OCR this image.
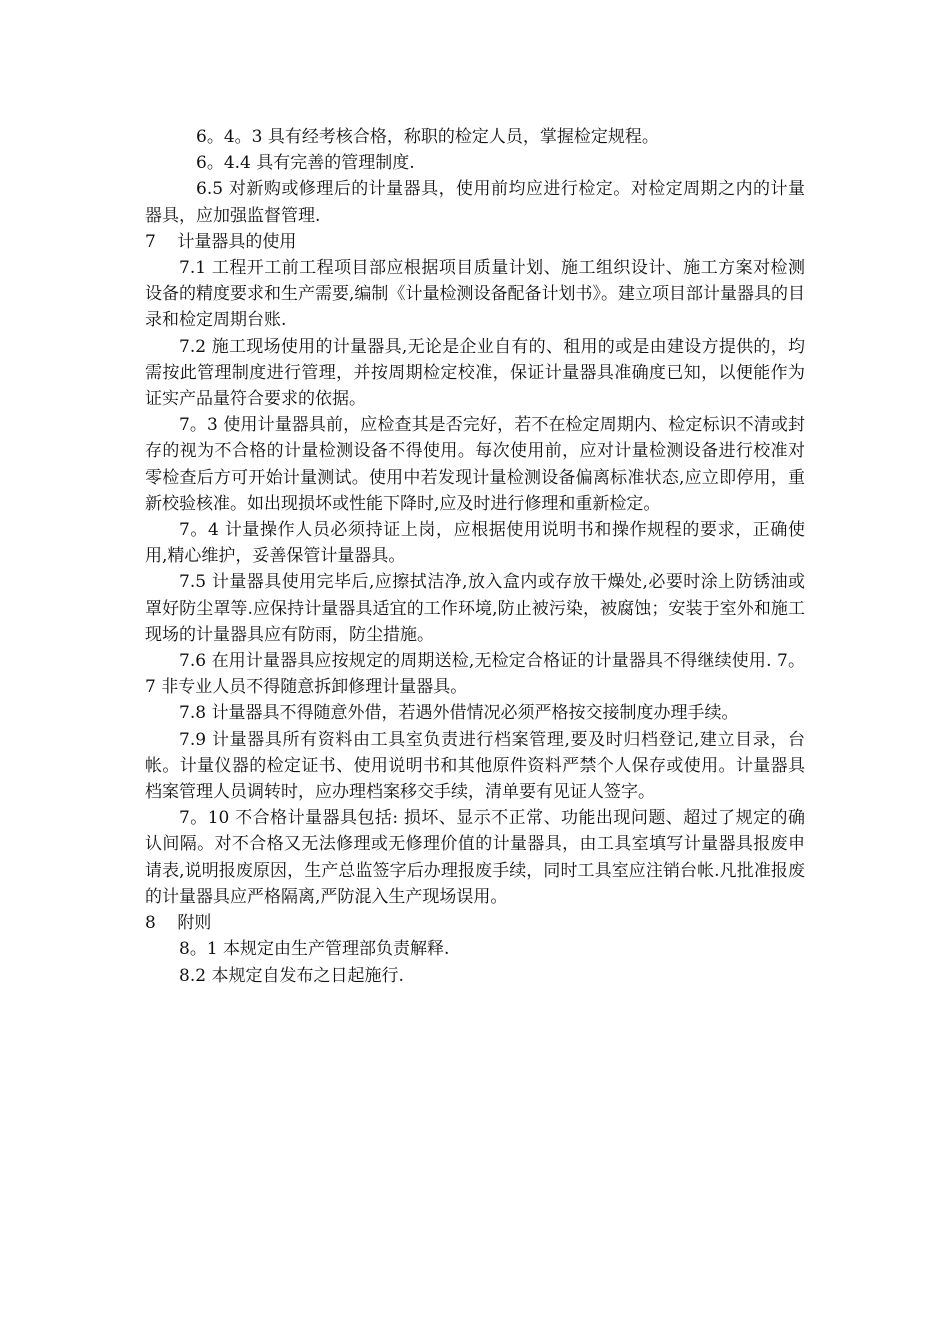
6。4。3 具有经考核合格，称职的检定人员，掌握检定规程。

6。4.4 具有完善的管理制度.

6.5 对新购或修理后的计量器具，使用前均应进行检定。对检定周期之内的计量器具，应加强监督管理.

7    计量器具的使用

7.1 工程开工前工程项目部应根据项目质量计划、施工组织设计、施工方案对检测设备的精度要求和生产需要,编制《计量检测设备配备计划书》。建立项目部计量器具的目录和检定周期台账.

7.2 施工现场使用的计量器具,无论是企业自有的、租用的或是由建设方提供的，均需按此管理制度进行管理，并按周期检定校准，保证计量器具准确度已知，以便能作为证实产品量符合要求的依据。

7。3 使用计量器具前，应检查其是否完好，若不在检定周期内、检定标识不清或封存的视为不合格的计量检测设备不得使用。每次使用前，应对计量检测设备进行校准对零检查后方可开始计量测试。使用中若发现计量检测设备偏离标准状态,应立即停用，重新校验核准。如出现损坏或性能下降时,应及时进行修理和重新检定。

7。4 计量操作人员必须持证上岗，应根据使用说明书和操作规程的要求，正确使用,精心维护，妥善保管计量器具。

7.5 计量器具使用完毕后,应擦拭洁净,放入盒内或存放干燥处,必要时涂上防锈油或罩好防尘罩等.应保持计量器具适宜的工作环境,防止被污染，被腐蚀；安装于室外和施工现场的计量器具应有防雨，防尘措施。

7.6 在用计量器具应按规定的周期送检,无检定合格证的计量器具不得继续使用. 7。7 非专业人员不得随意拆卸修理计量器具。

7.8 计量器具不得随意外借，若遇外借情况必须严格按交接制度办理手续。

7.9 计量器具所有资料由工具室负责进行档案管理,要及时归档登记,建立目录，台帐。计量仪器的检定证书、使用说明书和其他原件资料严禁个人保存或使用。计量器具档案管理人员调转时，应办理档案移交手续，清单要有见证人签字。

7。10 不合格计量器具包括: 损坏、显示不正常、功能出现问题、超过了规定的确认间隔。对不合格又无法修理或无修理价值的计量器具，由工具室填写计量器具报废申请表,说明报废原因，生产总监签字后办理报废手续，同时工具室应注销台帐.凡批准报废的计量器具应严格隔离,严防混入生产现场误用。

8    附则

8。1 本规定由生产管理部负责解释.

8.2 本规定自发布之日起施行.
